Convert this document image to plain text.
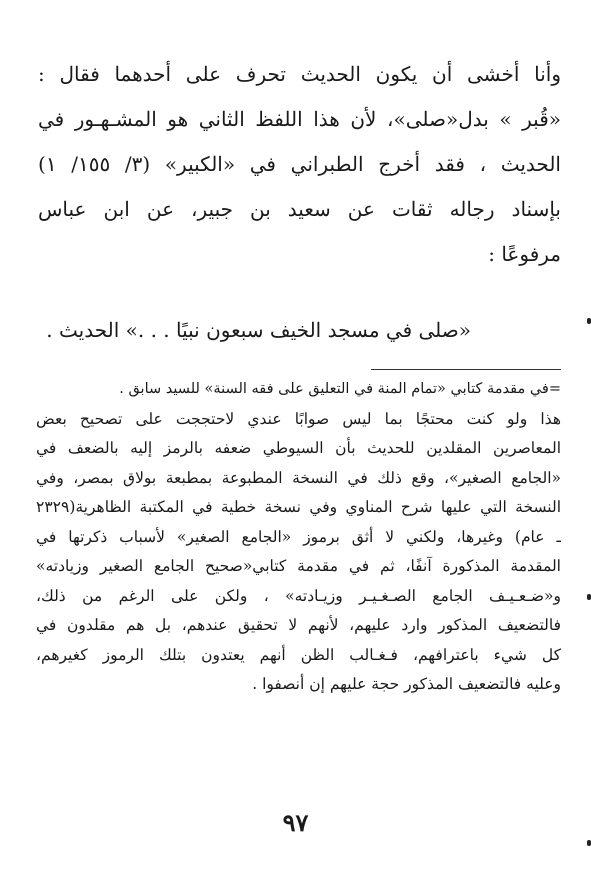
وأنا أخشى أن يكون الحديث تحرف على أحدهما فقال :
«قُبر » بدل«صلى»، لأن هذا اللفظ الثاني هو المشـهـور في
الحديث ، فقد أخرج الطبراني في «الكبير» (٣/ ١٥٥/ ١)
بإسناد رجاله ثقات عن سعيد بن جبير، عن ابن عباس
مرفوعًا :
«صلى في مسجد الخيف سبعون نبيًا . . .» الحديث .
=في مقدمة كتابي «تمام المنة في التعليق على فقه السنة» للسيد سابق .
هذا ولو كنت محتجًا بما ليس صوابًا عندي لاحتججت على تصحيح بعض
المعاصرين المقلدين للحديث بأن السيوطي ضعفه بالرمز إليه بالضعف في
«الجامع الصغير»، وقع ذلك في النسخة المطبوعة بمطبعة بولاق بمصر، وفي
النسخة التي عليها شرح المناوي وفي نسخة خطية في المكتبة الظاهرية(٢٣٢٩
ـ عام) وغيرها، ولكني لا أثق برموز «الجامع الصغير» لأسباب ذكرتها في
المقدمة المذكورة آنفًا، ثم في مقدمة كتابي«صحيح الجامع الصغير وزيادته»
و«ضـعـيـف الجامع الصـغـيـر وزيـادته» ، ولكن على الرغم من ذلك،
فالتضعيف المذكور وارد عليهم، لأنهم لا تحقيق عندهم، بل هم مقلدون في
كل شيء باعترافهم، فـغـالب الظن أنهم يعتدون بتلك الرموز كغيرهم،
وعليه فالتضعيف المذكور حجة عليهم إن أنصفوا .
٩٧
